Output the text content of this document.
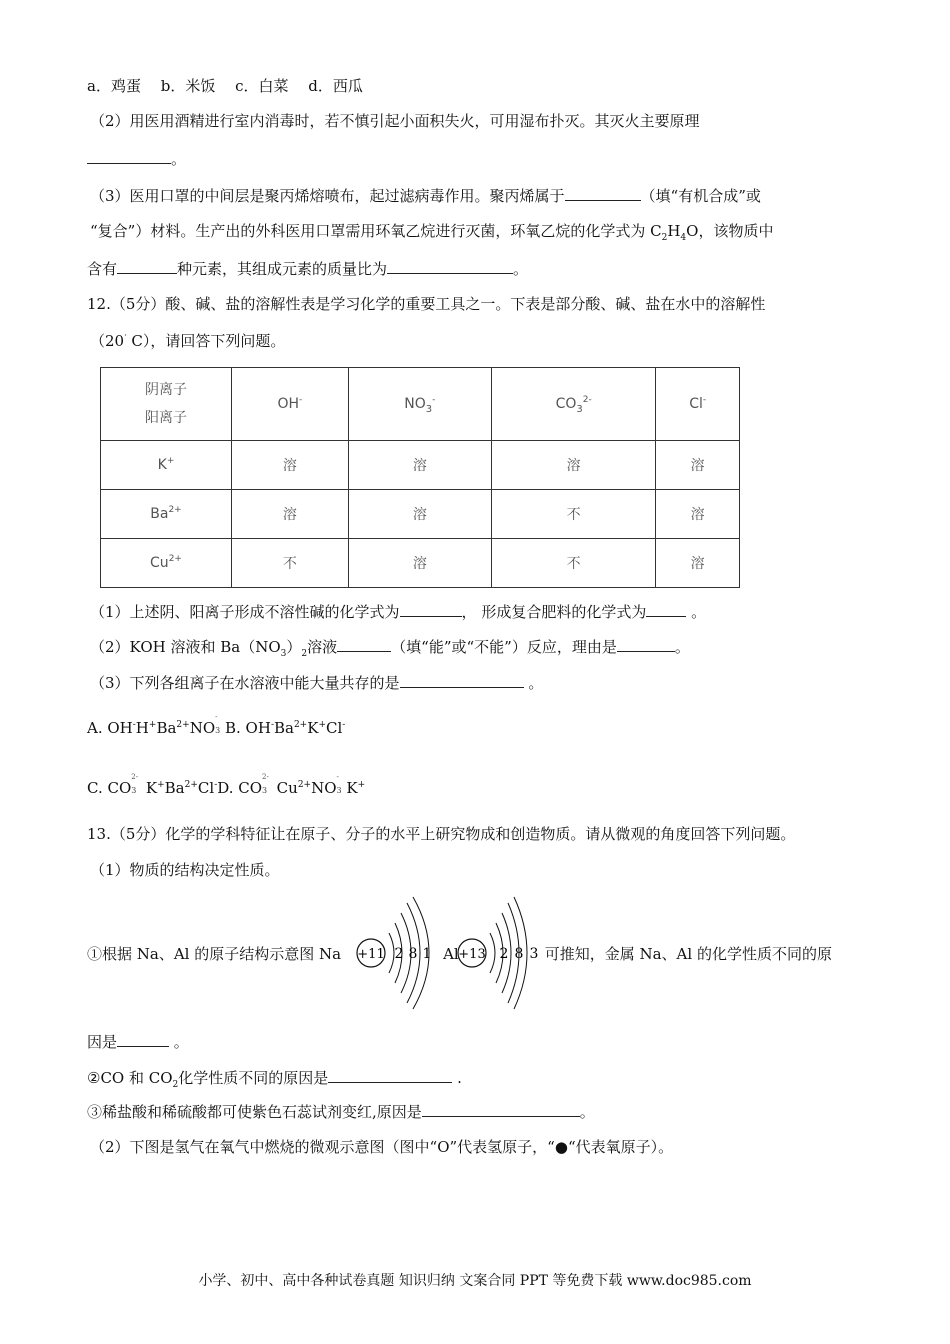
a．鸡蛋　 b．米饭　 c．白菜　 d．西瓜
（2）用医用酒精进行室内消毒时，若不慎引起小面积失火，可用湿布扑灭。其灭火主要原理
。
（3）医用口罩的中间层是聚丙烯熔喷布，起过滤病毒作用。聚丙烯属于	（填“有机合成”或
“复合”）材料。生产出的外科医用口罩需用环氧乙烷进行灭菌，环氧乙烷的化学式为 $C_2H_4O$，该物质中
含有	种元素，其组成元素的质量比为	。
12.（5分）酸、碱、盐的溶解性表是学习化学的重要工具之一。下表是部分酸、碱、盐在水中的溶解性
（20· C），请回答下列问题。
阴离子
阳离子	OH-	$NO_3^-$	$CO_3^{2-}$	Cl-
K+	溶	溶	溶	溶
$Ba^{2+}$	溶	溶	不	溶
$Cu^{2+}$	不	溶	不	溶
（1）上述阴、阳离子形成不溶性碱的化学式为	， 形成复合肥料的化学式为	。
（2）KOH 溶液和 $Ba(NO_3)_2$溶液	（填“能”或“不能”）反应，理由是	。
（3）下列各组离子在水溶液中能大量共存的是	。
A. $OH^-H^+Ba^{2+}NO$
-
3 B. $OH^-Ba^{2+}K^+Cl^-$
C. CO
2-
3  $K^+Ba^{2+}Cl^-D$. CO
2-
3  $Cu^{2+}NO$
-
3 K+
13.（5分）化学的学科特征让在原子、分子的水平上研究物成和创造物质。请从微观的角度回答下列问题。
（1）物质的结构决定性质。
①根据 Na、Al 的原子结构示意图 Na	Al	可推知，金属 Na、Al 的化学性质不同的原
+11 2 8 1 +13 2 8 3
因是	。
②CO 和 $CO_2$化学性质不同的原因是	.
③稀盐酸和稀硫酸都可使紫色石蕊试剂变红,原因是	。
（2）下图是氢气在氧气中燃烧的微观示意图（图中“O”代表氢原子，“●“代表氧原子）。
小学、初中、高中各种试卷真题 知识归纳 文案合同 PPT 等免费下载 www.doc985.com
